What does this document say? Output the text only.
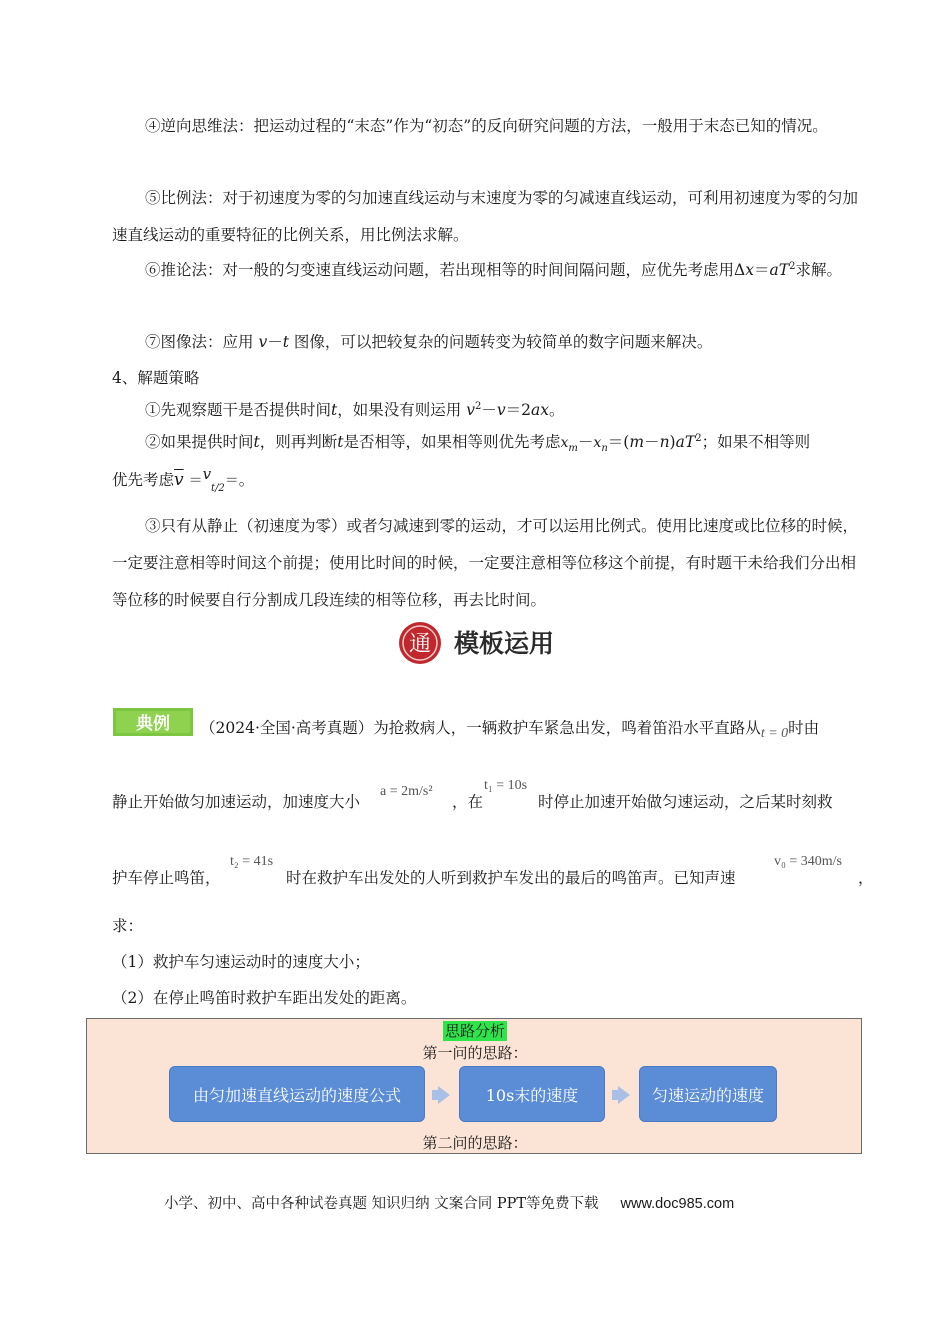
④逆向思维法：把运动过程的“末态”作为“初态”的反向研究问题的方法，一般用于末态已知的情况。

⑤比例法：对于初速度为零的匀加速直线运动与末速度为零的匀减速直线运动，可利用初速度为零的匀加速直线运动的重要特征的比例关系，用比例法求解。

⑥推论法：对一般的匀变速直线运动问题，若出现相等的时间间隔问题，应优先考虑用$\Delta x=aT^2$求解。

⑦图像法：应用 v－t 图像，可以把较复杂的问题转变为较简单的数字问题来解决。

4、解题策略

①先观察题干是否提供时间t，如果没有则运用 $v^2-v=2ax$。

②如果提供时间t，则再判断t是否相等，如果相等则优先考虑$x_m-x_n=(m-n)aT^2$；如果不相等则

优先考虑$\overline{v} =v_{t/2}=$。

③只有从静止（初速度为零）或者匀减速到零的运动，才可以运用比例式。使用比速度或比位移的时候，一定要注意相等时间这个前提；使用比时间的时候，一定要注意相等位移这个前提，有时题干未给我们分出相等位移的时候要自行分割成几段连续的相等位移，再去比时间。

通 模板运用
典例 （2024·全国·高考真题）为抢救病人，一辆救护车紧急出发，鸣着笛沿水平直路从t = 0时由

静止开始做匀加速运动，加速度大小

a = 2m/s²
，在
t₁ = 10s
时停止加速开始做匀速运动，之后某时刻救

护车停止鸣笛，

t₂ = 41s
时在救护车出发处的人听到救护车发出的最后的鸣笛声。已知声速
v₀ = 340m/s
，

求：

（1）救护车匀速运动时的速度大小；

（2）在停止鸣笛时救护车距出发处的距离。

思路分析
第一问的思路：
由匀加速直线运动的速度公式	10s末的速度	匀速运动的速度
第二问的思路：
小学、初中、高中各种试卷真题 知识归纳 文案合同 PPT等免费下载 www.doc985.com
